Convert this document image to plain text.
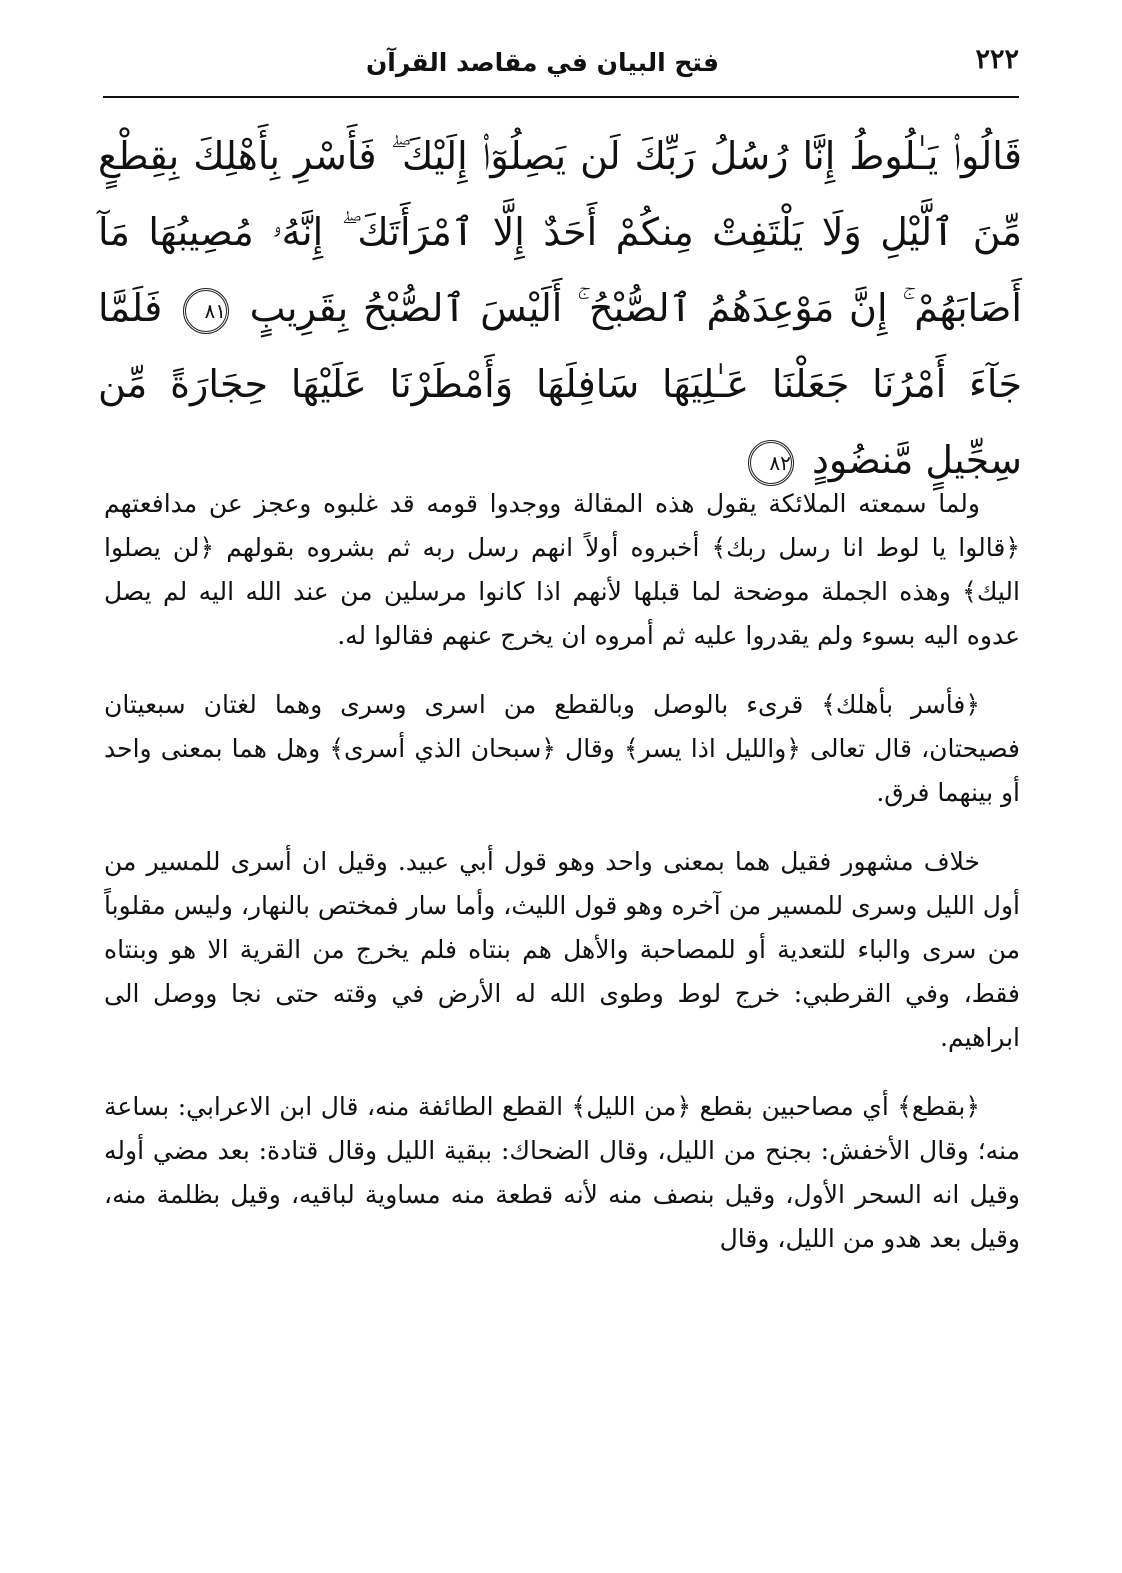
٢٢٢
فتح البيان في مقاصد القرآن
قَالُوا۟ يَـٰلُوطُ إِنَّا رُسُلُ رَبِّكَ لَن يَصِلُوٓا۟ إِلَيْكَ ۖ فَأَسْرِ بِأَهْلِكَ بِقِطْعٍ مِّنَ ٱلَّيْلِ وَلَا يَلْتَفِتْ مِنكُمْ أَحَدٌ إِلَّا ٱمْرَأَتَكَ ۖ إِنَّهُۥ مُصِيبُهَا مَآ أَصَابَهُمْ ۚ إِنَّ مَوْعِدَهُمُ ٱلصُّبْحُ ۚ أَلَيْسَ ٱلصُّبْحُ بِقَرِيبٍ ٨١ فَلَمَّا جَآءَ أَمْرُنَا جَعَلْنَا عَـٰلِيَهَا سَافِلَهَا وَأَمْطَرْنَا عَلَيْهَا حِجَارَةً مِّن سِجِّيلٍ مَّنضُودٍ ٨٢

ولما سمعته الملائكة يقول هذه المقالة ووجدوا قومه قد غلبوه وعجز عن مدافعتهم ﴿قالوا يا لوط انا رسل ربك﴾ أخبروه أولاً انهم رسل ربه ثم بشروه بقولهم ﴿لن يصلوا اليك﴾ وهذه الجملة موضحة لما قبلها لأنهم اذا كانوا مرسلين من عند الله اليه لم يصل عدوه اليه بسوء ولم يقدروا عليه ثم أمروه ان يخرج عنهم فقالوا له.

﴿فأسر بأهلك﴾ قرىء بالوصل وبالقطع من اسرى وسرى وهما لغتان سبعيتان فصيحتان، قال تعالى ﴿والليل اذا يسر﴾ وقال ﴿سبحان الذي أسرى﴾ وهل هما بمعنى واحد أو بينهما فرق.

خلاف مشهور فقيل هما بمعنى واحد وهو قول أبي عبيد. وقيل ان أسرى للمسير من أول الليل وسرى للمسير من آخره وهو قول الليث، وأما سار فمختص بالنهار، وليس مقلوباً من سرى والباء للتعدية أو للمصاحبة والأهل هم بنتاه فلم يخرج من القرية الا هو وبنتاه فقط، وفي القرطبي: خرج لوط وطوى الله له الأرض في وقته حتى نجا ووصل الى ابراهيم.

﴿بقطع﴾ أي مصاحبين بقطع ﴿من الليل﴾ القطع الطائفة منه، قال ابن الاعرابي: بساعة منه؛ وقال الأخفش: بجنح من الليل، وقال الضحاك: ببقية الليل وقال قتادة: بعد مضي أوله وقيل انه السحر الأول، وقيل بنصف منه لأنه قطعة منه مساوية لباقيه، وقيل بظلمة منه، وقيل بعد هدو من الليل، وقال
